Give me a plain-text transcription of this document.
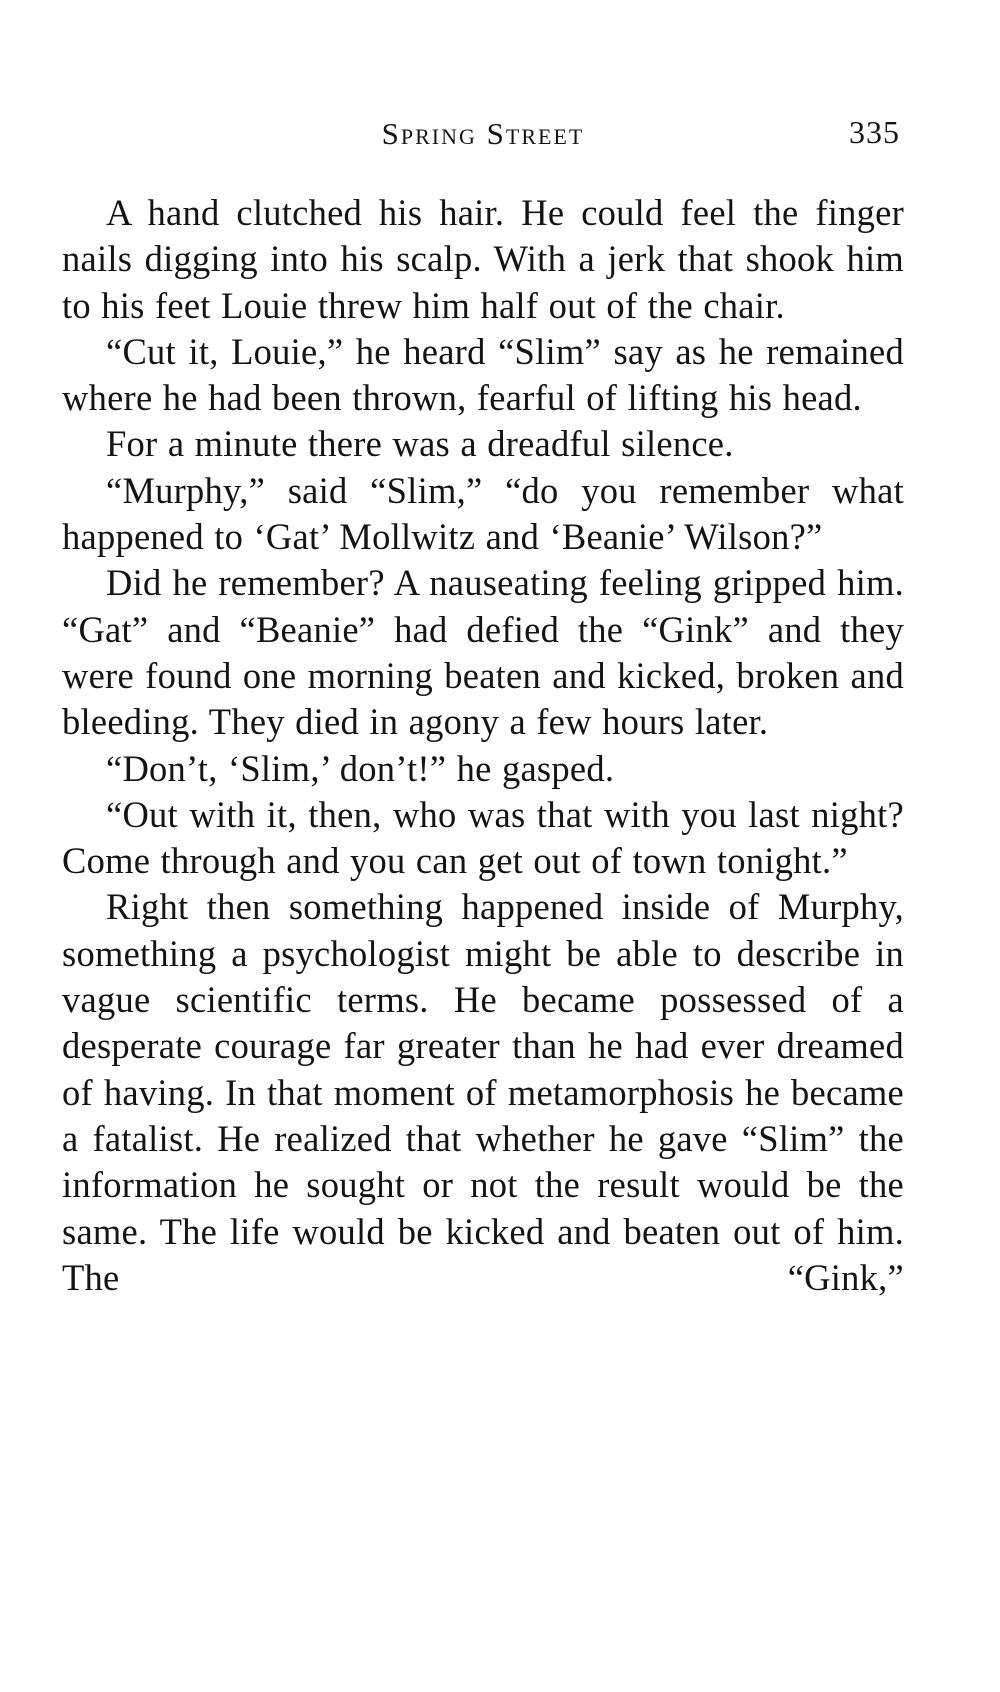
Spring Street	335

A hand clutched his hair. He could feel the finger nails digging into his scalp. With a jerk that shook him to his feet Louie threw him half out of the chair.

“Cut it, Louie,” he heard “Slim” say as he remained where he had been thrown, fearful of lifting his head.

For a minute there was a dreadful silence.

“Murphy,” said “Slim,” “do you remember what happened to ‘Gat’ Mollwitz and ‘Beanie’ Wilson?”

Did he remember? A nauseating feeling gripped him. “Gat” and “Beanie” had defied the “Gink” and they were found one morning beaten and kicked, broken and bleeding. They died in agony a few hours later.

“Don’t, ‘Slim,’ don’t!” he gasped.

“Out with it, then, who was that with you last night? Come through and you can get out of town tonight.”

Right then something happened inside of Murphy, something a psychologist might be able to describe in vague scientific terms. He became possessed of a desperate courage far greater than he had ever dreamed of having. In that moment of metamorphosis he became a fatalist. He realized that whether he gave “Slim” the information he sought or not the result would be the same. The life would be kicked and beaten out of him. The “Gink,”
